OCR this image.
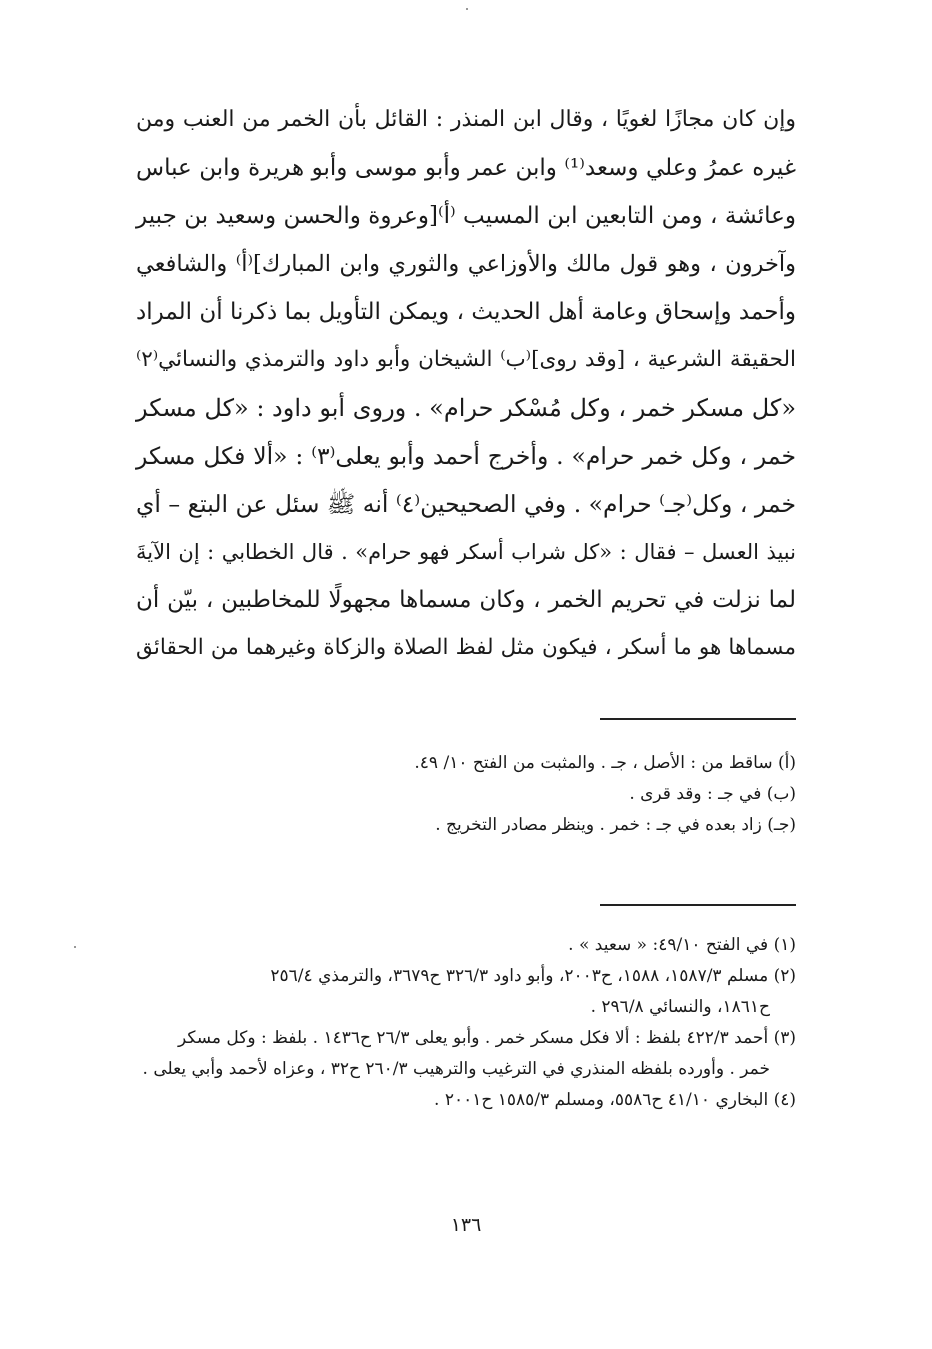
وإن كان مجازًا لغويًا ، وقال ابن المنذر : القائل بأن الخمر من العنب ومن
غيره عمرُ وعلي وسعد⁽¹⁾ وابن عمر وأبو موسى وأبو هريرة وابن عباس
وعائشة ، ومن التابعين ابن المسيب ⁽أ⁾[وعروة والحسن وسعيد بن جبير
وآخرون ، وهو قول مالك والأوزاعي والثوري وابن المبارك]⁽أ⁾ والشافعي
وأحمد وإسحاق وعامة أهل الحديث ، ويمكن التأويل بما ذكرنا أن المراد
الحقيقة الشرعية ، [وقد روى]⁽ب⁾ الشيخان وأبو داود والترمذي والنسائي⁽٢⁾
«كل مسكر خمر ، وكل مُسْكر حرام» . وروى أبو داود : «كل مسكر
خمر ، وكل خمر حرام» . وأخرج أحمد وأبو يعلى⁽٣⁾ : «ألا فكل مسكر
خمر ، وكل⁽جـ⁾ حرام» . وفي الصحيحين⁽٤⁾ أنه ﷺ سئل عن البتع – أي
نبيذ العسل – فقال : «كل شراب أسكر فهو حرام» . قال الخطابي : إن الآيةَ
لما نزلت في تحريم الخمر ، وكان مسماها مجهولًا للمخاطبين ، بيّن أن
مسماها هو ما أسكر ، فيكون مثل لفظ الصلاة والزكاة وغيرهما من الحقائق
(أ) ساقط من : الأصل ، جـ . والمثبت من الفتح ١٠/ ٤٩.
(ب) في جـ : وقد قرى .
(جـ) زاد بعده في جـ : خمر . وينظر مصادر التخريج .
(١) في الفتح ٤٩/١٠: « سعيد » .
(٢) مسلم ١٥٨٧/٣، ١٥٨٨، ح٢٠٠٣، وأبو داود ٣٢٦/٣ ح٣٦٧٩، والترمذي ٢٥٦/٤
ح١٨٦١، والنسائي ٢٩٦/٨ .
(٣) أحمد ٤٢٢/٣ بلفظ : ألا فكل مسكر خمر . وأبو يعلى ٢٦/٣ ح١٤٣٦ . بلفظ : وكل مسكر
خمر . وأورده بلفظه المنذري في الترغيب والترهيب ٢٦٠/٣ ح٣٢ ، وعزاه لأحمد وأبي يعلى .
(٤) البخاري ٤١/١٠ ح٥٥٨٦، ومسلم ١٥٨٥/٣ ح٢٠٠١ .
١٣٦
